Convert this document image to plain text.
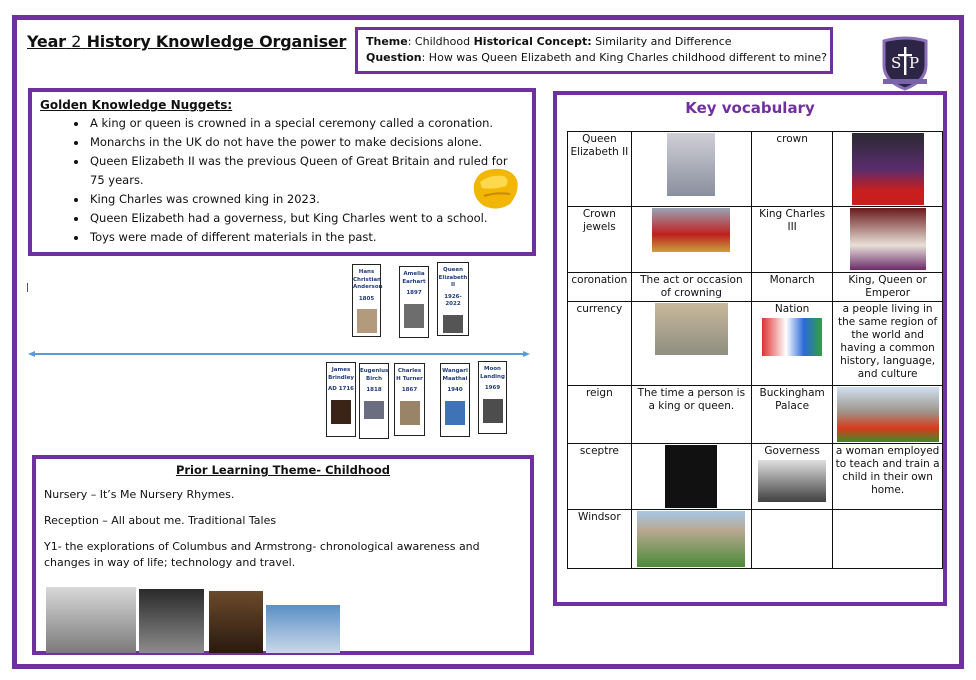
Year 2 History Knowledge Organiser Theme: Childhood Historical Concept: Similarity and Difference
Question: How was Queen Elizabeth and King Charles childhood different to mine?	S P
Golden Knowledge Nuggets:
• A king or queen is crowned in a special ceremony called a coronation.
• Monarchs in the UK do not have the power to make decisions alone.
• Queen Elizabeth II was the previous Queen of Great Britain and ruled for 75 years.
• King Charles was crowned king in 2023.
• Queen Elizabeth had a governess, but King Charles went to a school.
• Toys were made of different materials in the past.
Hans Christian Anderson
1805
Amelia Earhart
1897
Queen Elizabeth II
1926-2022
James Brindley
AD 1716
Eugenius Birch
1818
Charles H Turner
1867
Wangari Maathai
1940
Moon Landing
1969
Prior Learning Theme- Childhood

Nursery – It’s Me Nursery Rhymes.

Reception – All about me. Traditional Tales

Y1- the explorations of Columbus and Armstrong- chronological awareness and changes in way of life; technology and travel.

Key vocabulary
Queen Elizabeth II		crown	

Crown jewels		King Charles III	

coronation	The act or occasion of crowning	Monarch	King, Queen or Emperor
currency		Nation	a people living in the same region of the world and having a common history, language, and culture
reign	The time a person is a king or queen.	Buckingham Palace	

sceptre		Governess	a woman employed to teach and train a child in their own home.
Windsor	
